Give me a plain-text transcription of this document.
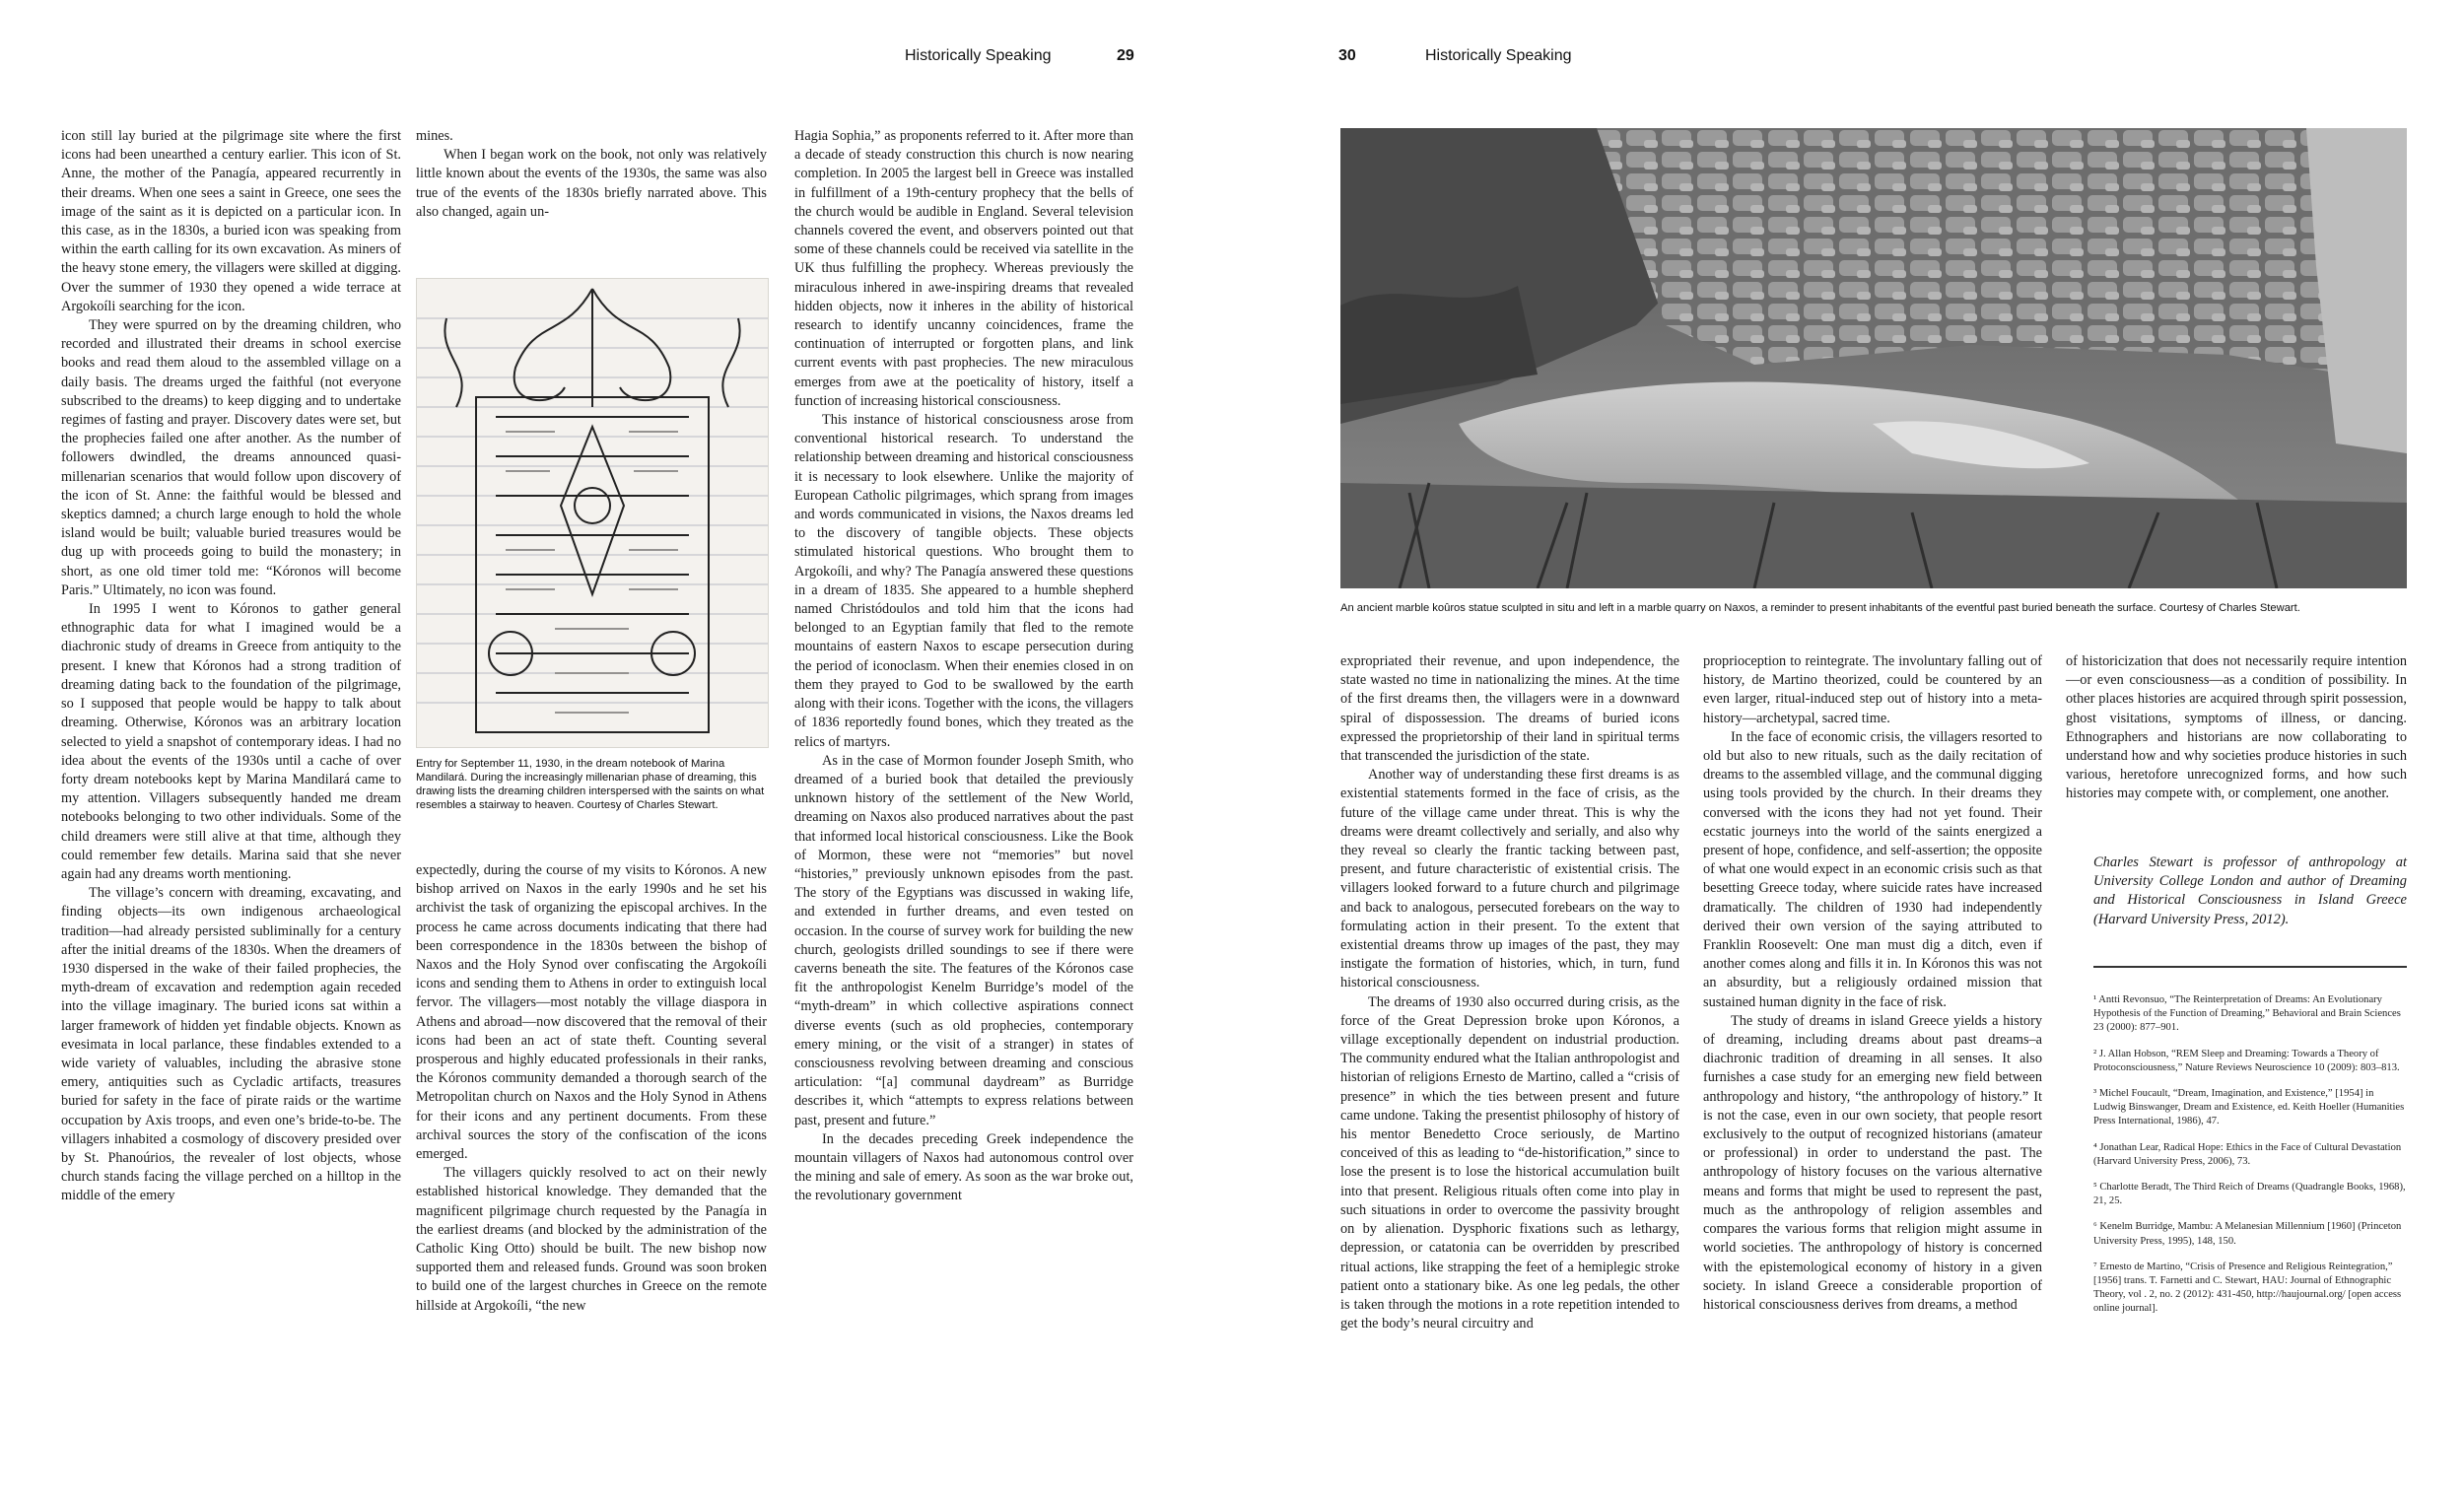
Historically Speaking	29	30	Historically Speaking

icon still lay buried at the pilgrimage site where the first icons had been unearthed a century earlier. This icon of St. Anne, the mother of the Panagía, appeared recurrently in their dreams. When one sees a saint in Greece, one sees the image of the saint as it is depicted on a particular icon. In this case, as in the 1830s, a buried icon was speaking from within the earth calling for its own excavation. As miners of the heavy stone emery, the villagers were skilled at digging. Over the summer of 1930 they opened a wide terrace at Argokoíli searching for the icon.

They were spurred on by the dreaming children, who recorded and illustrated their dreams in school exercise books and read them aloud to the assembled village on a daily basis. The dreams urged the faithful (not everyone subscribed to the dreams) to keep digging and to undertake regimes of fasting and prayer. Discovery dates were set, but the prophecies failed one after another. As the number of followers dwindled, the dreams announced quasi-millenarian scenarios that would follow upon discovery of the icon of St. Anne: the faithful would be blessed and skeptics damned; a church large enough to hold the whole island would be built; valuable buried treasures would be dug up with proceeds going to build the monastery; in short, as one old timer told me: “Kóronos will become Paris.” Ultimately, no icon was found.

In 1995 I went to Kóronos to gather general ethnographic data for what I imagined would be a diachronic study of dreams in Greece from antiquity to the present. I knew that Kóronos had a strong tradition of dreaming dating back to the foundation of the pilgrimage, so I supposed that people would be happy to talk about dreaming. Otherwise, Kóronos was an arbitrary location selected to yield a snapshot of contemporary ideas. I had no idea about the events of the 1930s until a cache of over forty dream notebooks kept by Marina Mandilará came to my attention. Villagers subsequently handed me dream notebooks belonging to two other individuals. Some of the child dreamers were still alive at that time, although they could remember few details. Marina said that she never again had any dreams worth mentioning.

The village’s concern with dreaming, excavating, and finding objects—its own indigenous archaeological tradition—had already persisted subliminally for a century after the initial dreams of the 1830s. When the dreamers of 1930 dispersed in the wake of their failed prophecies, the myth-dream of excavation and redemption again receded into the village imaginary. The buried icons sat within a larger framework of hidden yet findable objects. Known as evesimata in local parlance, these findables extended to a wide variety of valuables, including the abrasive stone emery, antiquities such as Cycladic artifacts, treasures buried for safety in the face of pirate raids or the wartime occupation by Axis troops, and even one’s bride-to-be. The villagers inhabited a cosmology of discovery presided over by St. Phanoúrios, the revealer of lost objects, whose church stands facing the village perched on a hilltop in the middle of the emery

mines.

When I began work on the book, not only was relatively little known about the events of the 1930s, the same was also true of the events of the 1830s briefly narrated above. This also changed, again un-

Entry for September 11, 1930, in the dream notebook of Marina Mandilará. During the increasingly millenarian phase of dreaming, this drawing lists the dreaming children interspersed with the saints on what resembles a stairway to heaven. Courtesy of Charles Stewart.

expectedly, during the course of my visits to Kóronos. A new bishop arrived on Naxos in the early 1990s and he set his archivist the task of organizing the episcopal archives. In the process he came across documents indicating that there had been correspondence in the 1830s between the bishop of Naxos and the Holy Synod over confiscating the Argokoíli icons and sending them to Athens in order to extinguish local fervor. The villagers—most notably the village diaspora in Athens and abroad—now discovered that the removal of their icons had been an act of state theft. Counting several prosperous and highly educated professionals in their ranks, the Kóronos community demanded a thorough search of the Metropolitan church on Naxos and the Holy Synod in Athens for their icons and any pertinent documents. From these archival sources the story of the confiscation of the icons emerged.

The villagers quickly resolved to act on their newly established historical knowledge. They demanded that the magnificent pilgrimage church requested by the Panagía in the earliest dreams (and blocked by the administration of the Catholic King Otto) should be built. The new bishop now supported them and released funds. Ground was soon broken to build one of the largest churches in Greece on the remote hillside at Argokoíli, “the new

Hagia Sophia,” as proponents referred to it. After more than a decade of steady construction this church is now nearing completion. In 2005 the largest bell in Greece was installed in fulfillment of a 19th-century prophecy that the bells of the church would be audible in England. Several television channels covered the event, and observers pointed out that some of these channels could be received via satellite in the UK thus fulfilling the prophecy. Whereas previously the miraculous inhered in awe-inspiring dreams that revealed hidden objects, now it inheres in the ability of historical research to identify uncanny coincidences, frame the continuation of interrupted or forgotten plans, and link current events with past prophecies. The new miraculous emerges from awe at the poeticality of history, itself a function of increasing historical consciousness.

This instance of historical consciousness arose from conventional historical research. To understand the relationship between dreaming and historical consciousness it is necessary to look elsewhere. Unlike the majority of European Catholic pilgrimages, which sprang from images and words communicated in visions, the Naxos dreams led to the discovery of tangible objects. These objects stimulated historical questions. Who brought them to Argokoíli, and why? The Panagía answered these questions in a dream of 1835. She appeared to a humble shepherd named Christódoulos and told him that the icons had belonged to an Egyptian family that fled to the remote mountains of eastern Naxos to escape persecution during the period of iconoclasm. When their enemies closed in on them they prayed to God to be swallowed by the earth along with their icons. Together with the icons, the villagers of 1836 reportedly found bones, which they treated as the relics of martyrs.

As in the case of Mormon founder Joseph Smith, who dreamed of a buried book that detailed the previously unknown history of the settlement of the New World, dreaming on Naxos also produced narratives about the past that informed local historical consciousness. Like the Book of Mormon, these were not “memories” but novel “histories,” previously unknown episodes from the past. The story of the Egyptians was discussed in waking life, and extended in further dreams, and even tested on occasion. In the course of survey work for building the new church, geologists drilled soundings to see if there were caverns beneath the site. The features of the Kóronos case fit the anthropologist Kenelm Burridge’s model of the “myth-dream” in which collective aspirations connect diverse events (such as old prophecies, contemporary emery mining, or the visit of a stranger) in states of consciousness revolving between dreaming and conscious articulation: “[a] communal daydream” as Burridge describes it, which “attempts to express relations between past, present and future.”

In the decades preceding Greek independence the mountain villagers of Naxos had autonomous control over the mining and sale of emery. As soon as the war broke out, the revolutionary government

An ancient marble koûros statue sculpted in situ and left in a marble quarry on Naxos, a reminder to present inhabitants of the eventful past buried beneath the surface. Courtesy of Charles Stewart.

expropriated their revenue, and upon independence, the state wasted no time in nationalizing the mines. At the time of the first dreams then, the villagers were in a downward spiral of dispossession. The dreams of buried icons expressed the proprietorship of their land in spiritual terms that transcended the jurisdiction of the state.

Another way of understanding these first dreams is as existential statements formed in the face of crisis, as the future of the village came under threat. This is why the dreams were dreamt collectively and serially, and also why they reveal so clearly the frantic tacking between past, present, and future characteristic of existential crisis. The villagers looked forward to a future church and pilgrimage and back to analogous, persecuted forebears on the way to formulating action in their present. To the extent that existential dreams throw up images of the past, they may instigate the formation of histories, which, in turn, fund historical consciousness.

The dreams of 1930 also occurred during crisis, as the force of the Great Depression broke upon Kóronos, a village exceptionally dependent on industrial production. The community endured what the Italian anthropologist and historian of religions Ernesto de Martino, called a “crisis of presence” in which the ties between present and future came undone. Taking the presentist philosophy of history of his mentor Benedetto Croce seriously, de Martino conceived of this as leading to “de-historification,” since to lose the present is to lose the historical accumulation built into that present. Religious rituals often come into play in such situations in order to overcome the passivity brought on by alienation. Dysphoric fixations such as lethargy, depression, or catatonia can be overridden by prescribed ritual actions, like strapping the feet of a hemiplegic stroke patient onto a stationary bike. As one leg pedals, the other is taken through the motions in a rote repetition intended to get the body’s neural circuitry and

proprioception to reintegrate. The involuntary falling out of history, de Martino theorized, could be countered by an even larger, ritual-induced step out of history into a meta-history—archetypal, sacred time.

In the face of economic crisis, the villagers resorted to old but also to new rituals, such as the daily recitation of dreams to the assembled village, and the communal digging using tools provided by the church. In their dreams they conversed with the icons they had not yet found. Their ecstatic journeys into the world of the saints energized a present of hope, confidence, and self-assertion; the opposite of what one would expect in an economic crisis such as that besetting Greece today, where suicide rates have increased dramatically. The children of 1930 had independently derived their own version of the saying attributed to Franklin Roosevelt: One man must dig a ditch, even if another comes along and fills it in. In Kóronos this was not an absurdity, but a religiously ordained mission that sustained human dignity in the face of risk.

The study of dreams in island Greece yields a history of dreaming, including dreams about past dreams–a diachronic tradition of dreaming in all senses. It also furnishes a case study for an emerging new field between anthropology and history, “the anthropology of history.” It is not the case, even in our own society, that people resort exclusively to the output of recognized historians (amateur or professional) in order to understand the past. The anthropology of history focuses on the various alternative means and forms that might be used to represent the past, much as the anthropology of religion assembles and compares the various forms that religion might assume in world societies. The anthropology of history is concerned with the epistemological economy of history in a given society. In island Greece a considerable proportion of historical consciousness derives from dreams, a method

of historicization that does not necessarily require intention—or even consciousness—as a condition of possibility. In other places histories are acquired through spirit possession, ghost visitations, symptoms of illness, or dancing. Ethnographers and historians are now collaborating to understand how and why societies produce histories in such various, heretofore unrecognized forms, and how such histories may compete with, or complement, one another.

Charles Stewart is professor of anthropology at University College London and author of Dreaming and Historical Consciousness in Island Greece (Harvard University Press, 2012).
¹ Antti Revonsuo, “The Reinterpretation of Dreams: An Evolutionary Hypothesis of the Function of Dreaming,” Behavioral and Brain Sciences 23 (2000): 877–901.
² J. Allan Hobson, “REM Sleep and Dreaming: Towards a Theory of Protoconsciousness,” Nature Reviews Neuroscience 10 (2009): 803–813.
³ Michel Foucault, “Dream, Imagination, and Existence,” [1954] in Ludwig Binswanger, Dream and Existence, ed. Keith Hoeller (Humanities Press International, 1986), 47.
⁴ Jonathan Lear, Radical Hope: Ethics in the Face of Cultural Devastation (Harvard University Press, 2006), 73.
⁵ Charlotte Beradt, The Third Reich of Dreams (Quadrangle Books, 1968), 21, 25.
⁶ Kenelm Burridge, Mambu: A Melanesian Millennium [1960] (Princeton University Press, 1995), 148, 150.
⁷ Ernesto de Martino, “Crisis of Presence and Religious Reintegration,” [1956] trans. T. Farnetti and C. Stewart, HAU: Journal of Ethnographic Theory, vol . 2, no. 2 (2012): 431-450, http://haujournal.org/ [open access online journal].
